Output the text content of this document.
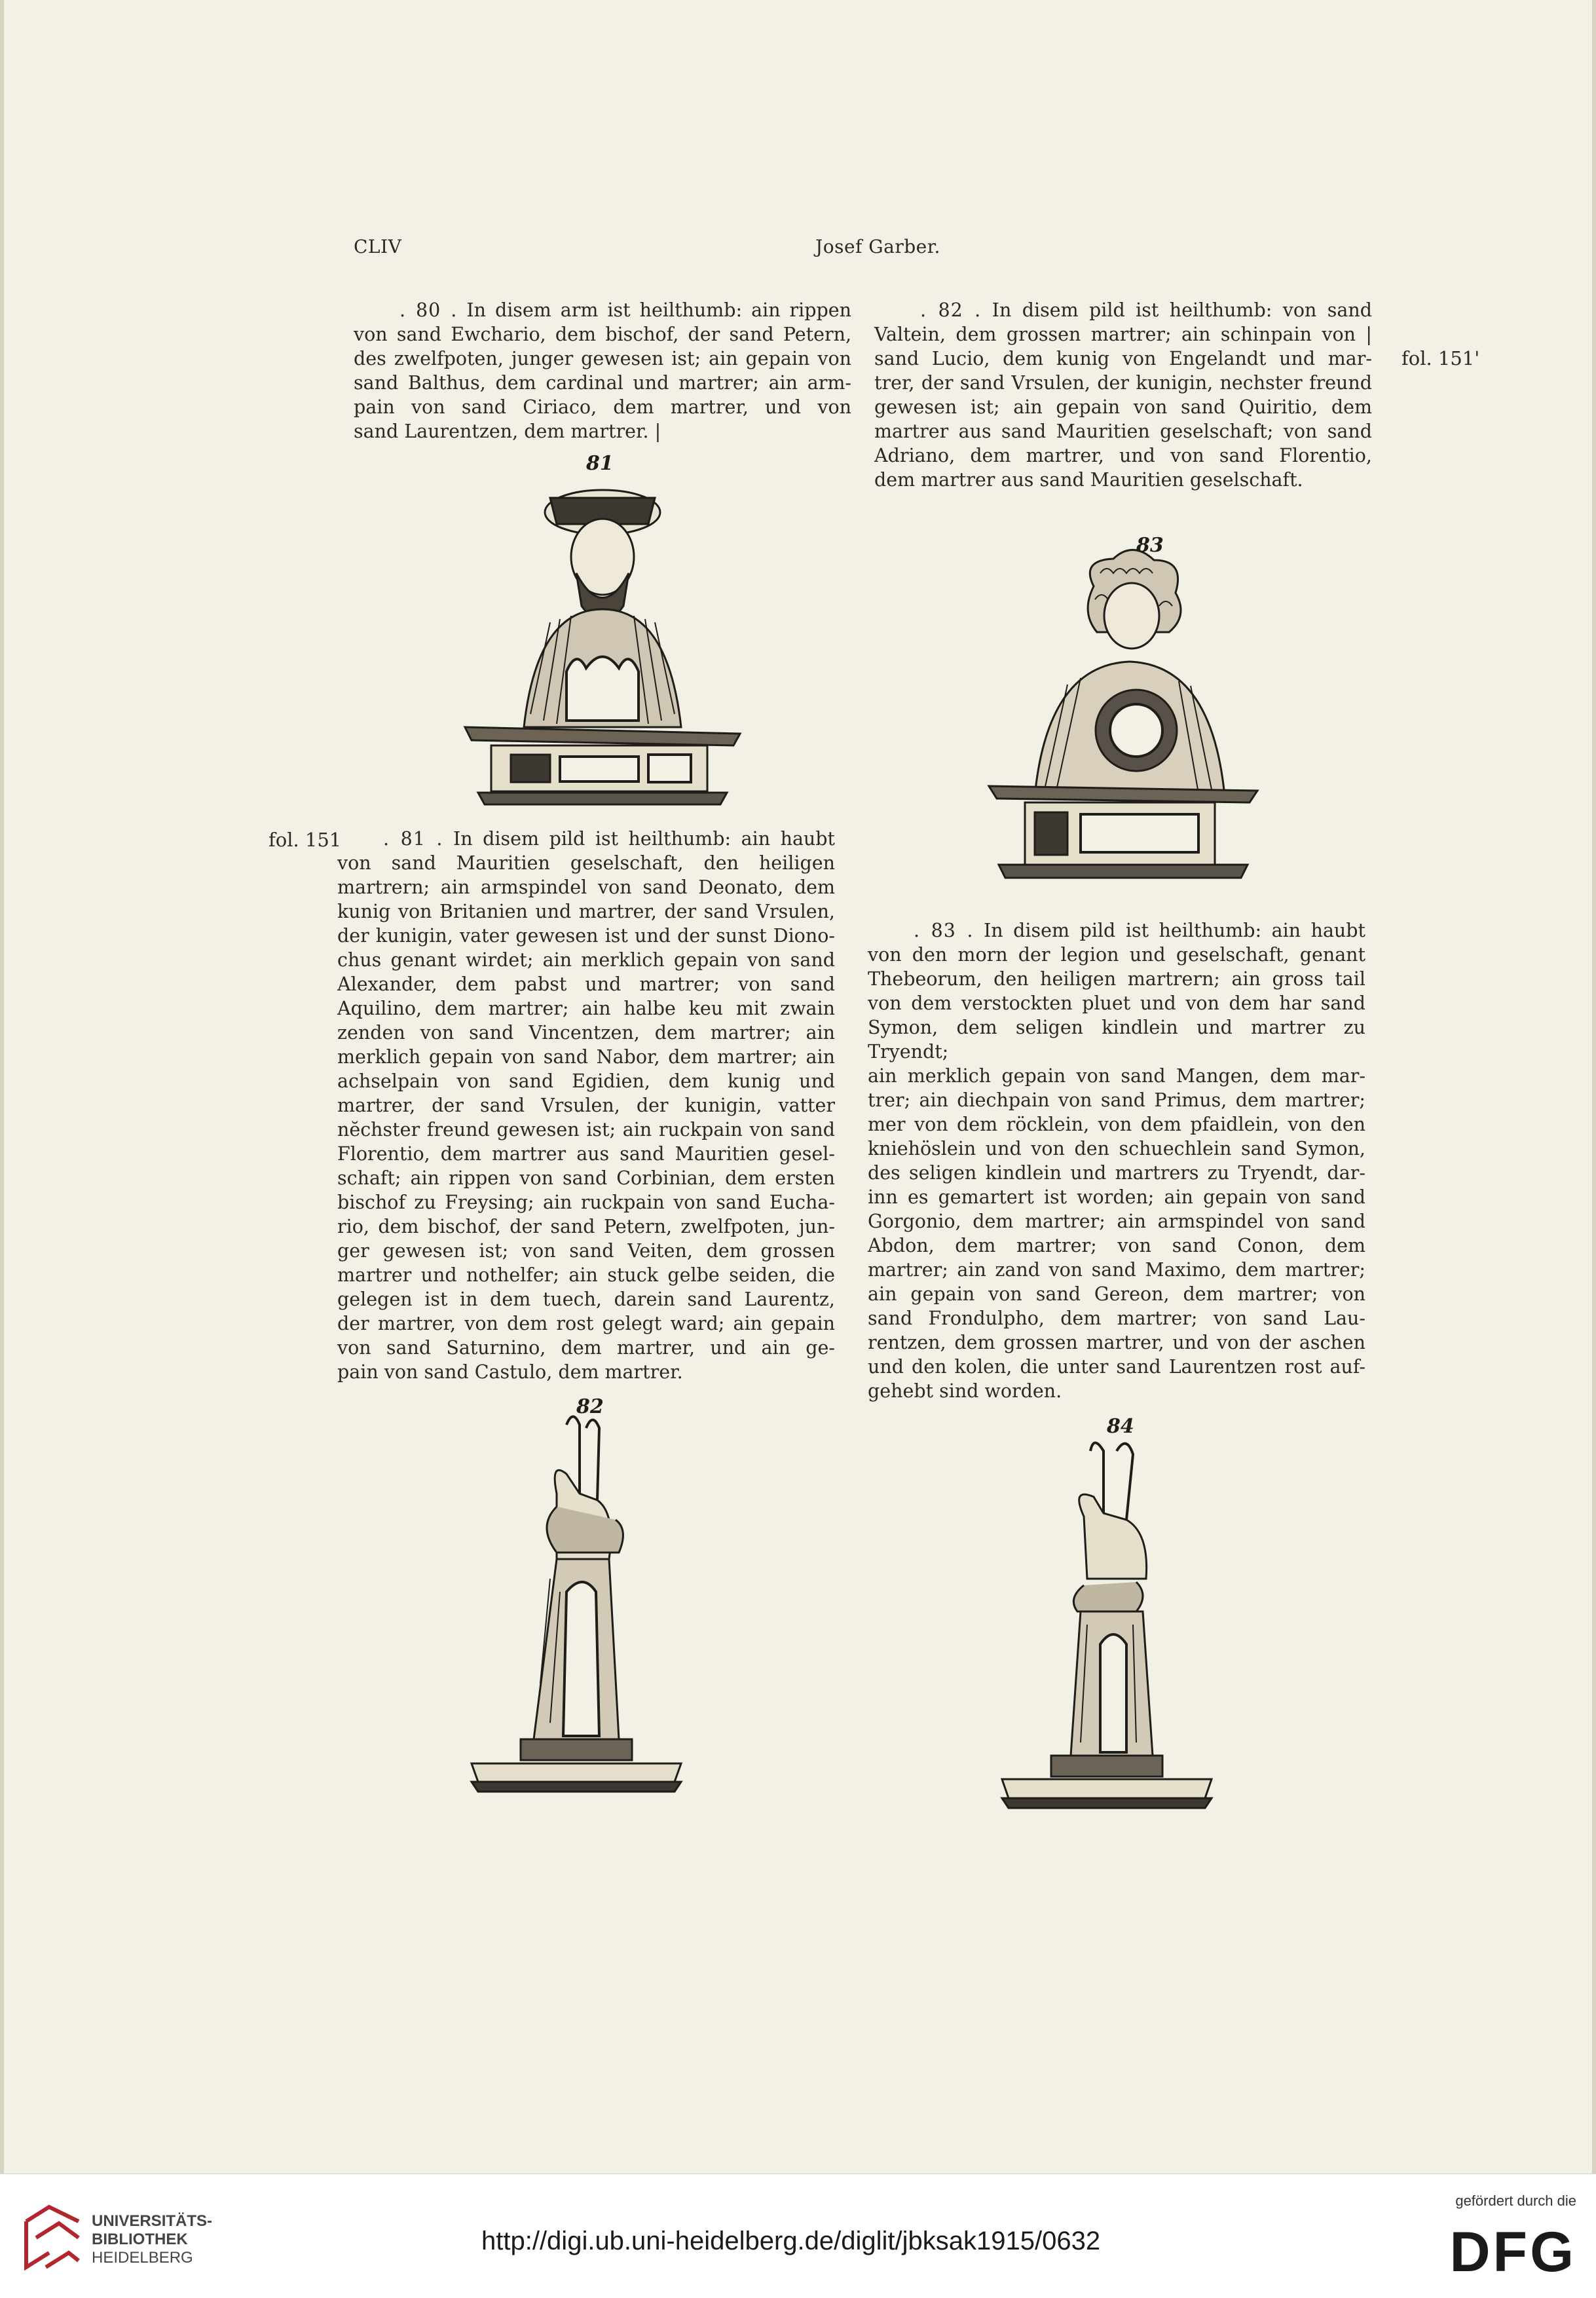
CLIV	Josef Garber.

. 80 . In disem arm ist heilthumb: ain rippen

von sand Ewchario, dem bischof, der sand Petern,

des zwelfpoten, junger gewesen ist; ain gepain von

sand Balthus, dem cardinal und martrer; ain arm-

pain von sand Ciriaco, dem martrer, und von

sand Laurentzen, dem martrer. |

. 82 . In disem pild ist heilthumb: von sand

Valtein, dem grossen martrer; ain schinpain von |

sand Lucio, dem kunig von Engelandt und mar-

trer, der sand Vrsulen, der kunigin, nechster freund

gewesen ist; ain gepain von sand Quiritio, dem

martrer aus sand Mauritien geselschaft; von sand

Adriano, dem martrer, und von sand Florentio,

dem martrer aus sand Mauritien geselschaft.

. 81 . In disem pild ist heilthumb: ain haubt

von sand Mauritien geselschaft, den heiligen

martrern; ain armspindel von sand Deonato, dem

kunig von Britanien und martrer, der sand Vrsulen,

der kunigin, vater gewesen ist und der sunst Diono-

chus genant wirdet; ain merklich gepain von sand

Alexander, dem pabst und martrer; von sand

Aquilino, dem martrer; ain halbe keu mit zwain

zenden von sand Vincentzen, dem martrer; ain

merklich gepain von sand Nabor, dem martrer; ain

achselpain von sand Egidien, dem kunig und

martrer, der sand Vrsulen, der kunigin, vatter

nĕchster freund gewesen ist; ain ruckpain von sand

Florentio, dem martrer aus sand Mauritien gesel-

schaft; ain rippen von sand Corbinian, dem ersten

bischof zu Freysing; ain ruckpain von sand Eucha-

rio, dem bischof, der sand Petern, zwelfpoten, jun-

ger gewesen ist; von sand Veiten, dem grossen

martrer und nothelfer; ain stuck gelbe seiden, die

gelegen ist in dem tuech, darein sand Laurentz,

der martrer, von dem rost gelegt ward; ain gepain

von sand Saturnino, dem martrer, und ain ge-

pain von sand Castulo, dem martrer.

. 83 . In disem pild ist heilthumb: ain haubt

von den morn der legion und geselschaft, genant

Thebeorum, den heiligen martrern; ain gross tail

von dem verstockten pluet und von dem har sand

Symon, dem seligen kindlein und martrer zu Tryendt;

ain merklich gepain von sand Mangen, dem mar-

trer; ain diechpain von sand Primus, dem martrer;

mer von dem röcklein, von dem pfaidlein, von den

kniehöslein und von den schuechlein sand Symon,

des seligen kindlein und martrers zu Tryendt, dar-

inn es gemartert ist worden; ain gepain von sand

Gorgonio, dem martrer; ain armspindel von sand

Abdon, dem martrer; von sand Conon, dem

martrer; ain zand von sand Maximo, dem martrer;

ain gepain von sand Gereon, dem martrer; von

sand Frondulpho, dem martrer; von sand Lau-

rentzen, dem grossen martrer, und von der aschen

und den kolen, die unter sand Laurentzen rost auf-

gehebt sind worden.

fol. 151'
fol. 151
81
83
82
84
UNIVERSITÄTS-
BIBLIOTHEK
HEIDELBERG
http://digi.ub.uni-heidelberg.de/diglit/jbksak1915/0632
gefördert durch die
DFG
